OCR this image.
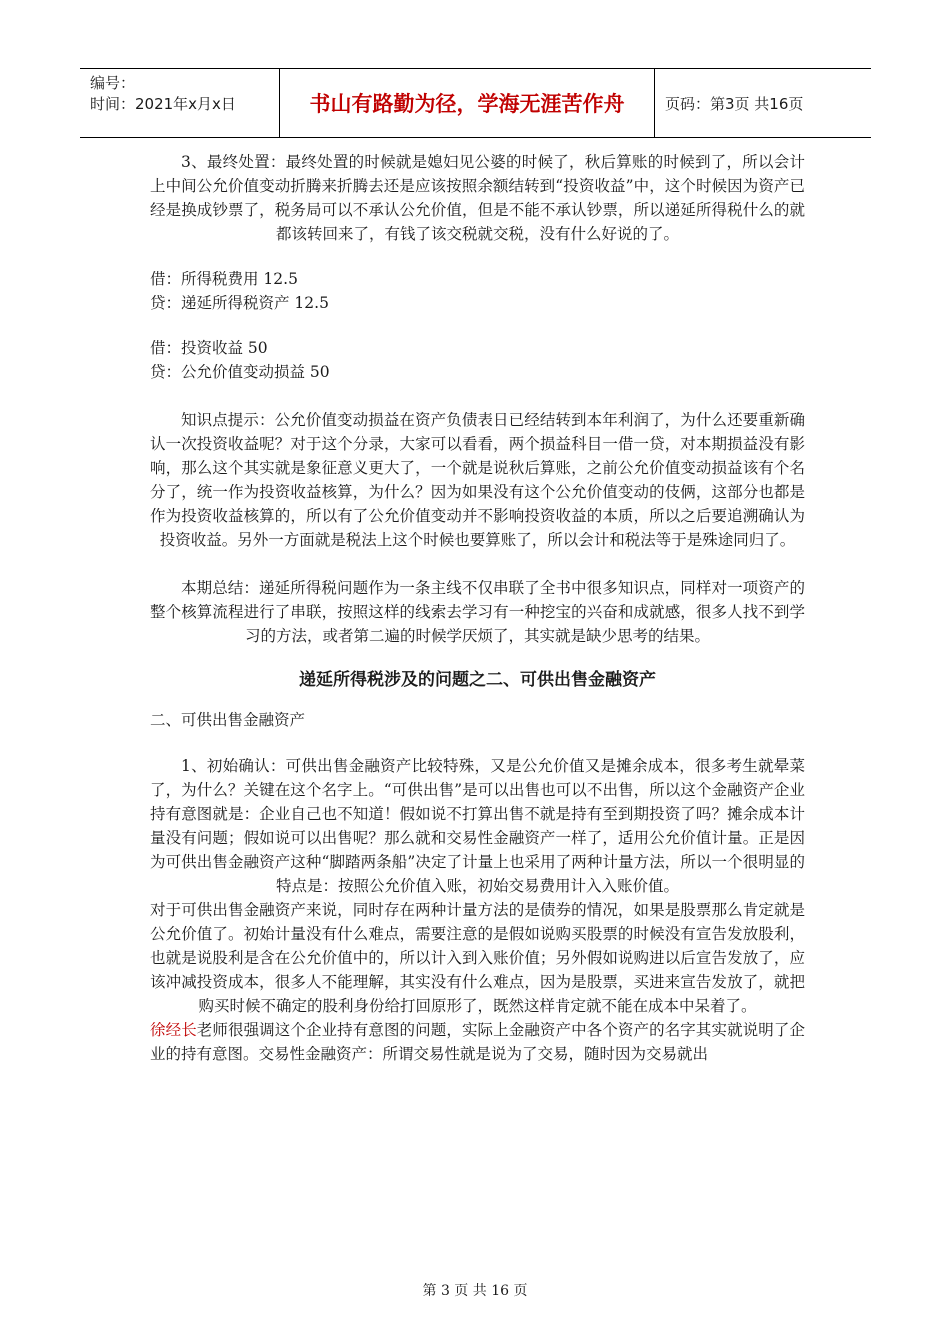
编号：
时间：2021年x月x日	书山有路勤为径，学海无涯苦作舟	页码：第3页 共16页

3、最终处置：最终处置的时候就是媳妇见公婆的时候了，秋后算账的时候到了，所以会计上中间公允价值变动折腾来折腾去还是应该按照余额结转到“投资收益”中，这个时候因为资产已经是换成钞票了，税务局可以不承认公允价值，但是不能不承认钞票，所以递延所得税什么的就都该转回来了，有钱了该交税就交税，没有什么好说的了。

借：所得税费用 12.5

贷：递延所得税资产 12.5

借：投资收益 50

贷：公允价值变动损益 50

知识点提示：公允价值变动损益在资产负债表日已经结转到本年利润了，为什么还要重新确认一次投资收益呢？对于这个分录，大家可以看看，两个损益科目一借一贷，对本期损益没有影响，那么这个其实就是象征意义更大了，一个就是说秋后算账，之前公允价值变动损益该有个名分了，统一作为投资收益核算，为什么？因为如果没有这个公允价值变动的伎俩，这部分也都是作为投资收益核算的，所以有了公允价值变动并不影响投资收益的本质，所以之后要追溯确认为投资收益。另外一方面就是税法上这个时候也要算账了，所以会计和税法等于是殊途同归了。

本期总结：递延所得税问题作为一条主线不仅串联了全书中很多知识点，同样对一项资产的整个核算流程进行了串联，按照这样的线索去学习有一种挖宝的兴奋和成就感，很多人找不到学习的方法，或者第二遍的时候学厌烦了，其实就是缺少思考的结果。

递延所得税涉及的问题之二、可供出售金融资产

二、可供出售金融资产

1、初始确认：可供出售金融资产比较特殊，又是公允价值又是摊余成本，很多考生就晕菜了，为什么？关键在这个名字上。“可供出售”是可以出售也可以不出售，所以这个金融资产企业持有意图就是：企业自己也不知道！假如说不打算出售不就是持有至到期投资了吗？摊余成本计量没有问题；假如说可以出售呢？那么就和交易性金融资产一样了，适用公允价值计量。正是因为可供出售金融资产这种“脚踏两条船”决定了计量上也采用了两种计量方法，所以一个很明显的特点是：按照公允价值入账，初始交易费用计入入账价值。

对于可供出售金融资产来说，同时存在两种计量方法的是债券的情况，如果是股票那么肯定就是公允价值了。初始计量没有什么难点，需要注意的是假如说购买股票的时候没有宣告发放股利，也就是说股利是含在公允价值中的，所以计入到入账价值；另外假如说购进以后宣告发放了，应该冲减投资成本，很多人不能理解，其实没有什么难点，因为是股票，买进来宣告发放了，就把购买时候不确定的股利身份给打回原形了，既然这样肯定就不能在成本中呆着了。

徐经长老师很强调这个企业持有意图的问题，实际上金融资产中各个资产的名字其实就说明了企业的持有意图。交易性金融资产：所谓交易性就是说为了交易，随时因为交易就出

第 3 页 共 16 页
